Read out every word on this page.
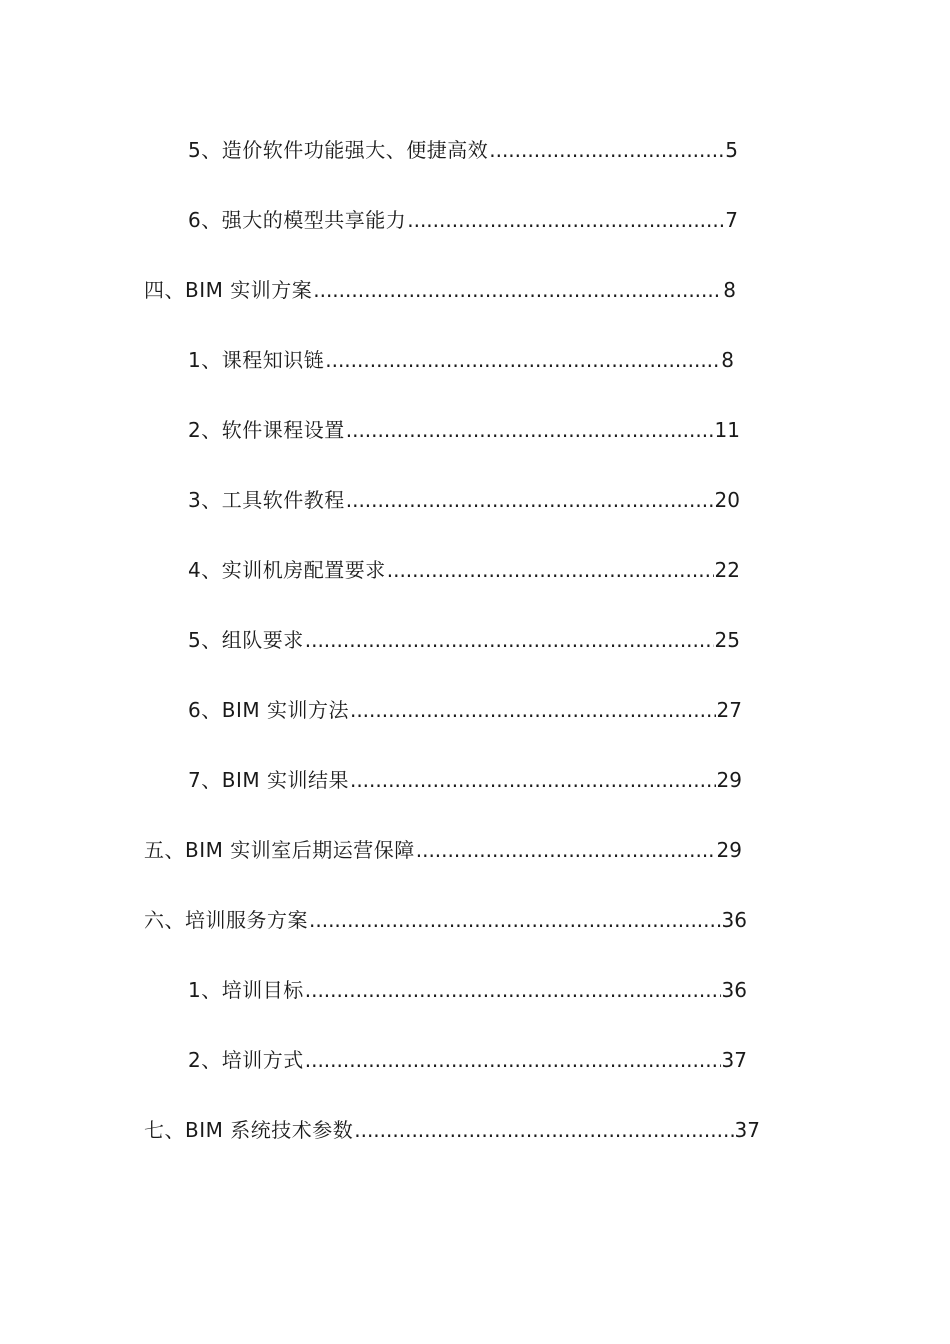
5、造价软件功能强大、便捷高效 .....	5
6、强大的模型共享能力 .....	7
四、BIM 实训方案 .....	8
1、课程知识链 .....	8
2、软件课程设置 .....	11
3、工具软件教程 .....	20
4、实训机房配置要求 .....	22
5、组队要求 .....	25
6、BIM 实训方法 .....	27
7、BIM 实训结果 .....	29
五、BIM 实训室后期运营保障 .....	29
六、培训服务方案 .....	36
1、培训目标 .....	36
2、培训方式 .....	37
七、BIM 系统技术参数 .....	37
